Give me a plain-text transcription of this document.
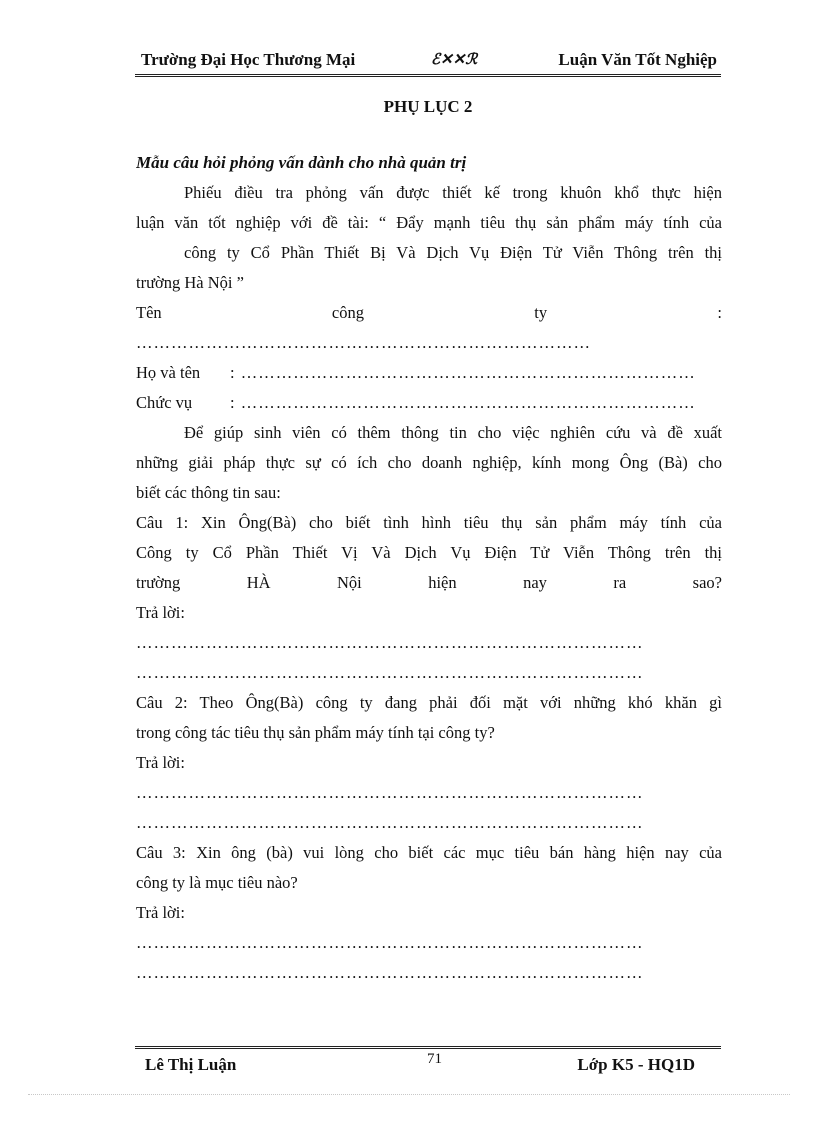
Trường Đại Học Thương Mại	ℰ✕✕ℛ	Luận Văn Tốt Nghiệp
PHỤ LỤC 2
Mẫu câu hỏi phỏng vấn dành cho nhà quản trị
Phiếu điều tra phỏng vấn được thiết kế trong khuôn khổ thực hiện
luận văn tốt nghiệp với đề tài: “ Đẩy mạnh tiêu thụ sản phẩm máy tính của
công ty Cổ Phần Thiết Bị Và Dịch Vụ Điện Tử Viễn Thông trên thị
trường Hà Nội ”
Tên	công	ty	:
……………………………………………………………………
Họ và tên	: ……………………………………………………………………
Chức vụ	: ……………………………………………………………………
Để giúp sinh viên có thêm thông tin cho việc nghiên cứu và đề xuất
những giải pháp thực sự có ích cho doanh nghiệp, kính mong Ông (Bà) cho
biết các thông tin sau:
Câu 1: Xin Ông(Bà) cho biết tình hình tiêu thụ sản phẩm máy tính của
Công ty Cổ Phần Thiết Vị Và Dịch Vụ Điện Tử Viễn Thông trên thị
trường HÀ Nội hiện nay ra sao?
Trả lời:
……………………………………………………………………………
……………………………………………………………………………
Câu 2: Theo Ông(Bà) công ty đang phải đối mặt với những khó khăn gì
trong công tác tiêu thụ sản phẩm máy tính tại công ty?
Trả lời:
……………………………………………………………………………
……………………………………………………………………………
Câu 3: Xin ông (bà) vui lòng cho biết các mục tiêu bán hàng hiện nay của
công ty là mục tiêu nào?
Trả lời:
……………………………………………………………………………
……………………………………………………………………………
Lê Thị Luận	71	Lớp K5 - HQ1D
